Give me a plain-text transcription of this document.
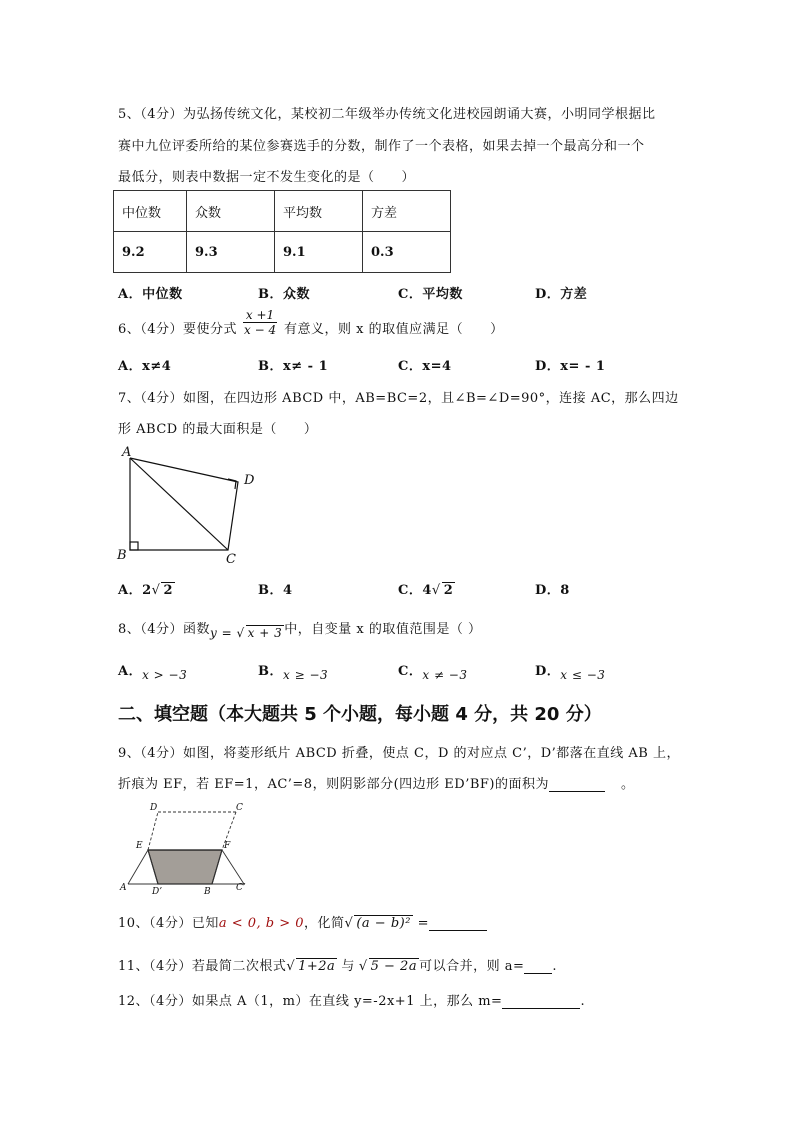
5、（4分）为弘扬传统文化，某校初二年级举办传统文化进校园朗诵大赛，小明同学根据比
赛中九位评委所给的某位参赛选手的分数，制作了一个表格，如果去掉一个最高分和一个
最低分，则表中数据一定不发生变化的是（　　）
中位数	众数	平均数	方差
9.2	9.3	9.1	0.3
A．中位数	B．众数	C．平均数	D．方差
6、（4分）要使分式 $\frac{x +1}{x - 4}$ 有意义，则 x 的取值应满足（　　）
A．x≠4	B．x≠ - 1	C．x=4	D．x= - 1
7、（4分）如图，在四边形 ABCD 中，AB=BC=2，且∠B=∠D=90°，连接 AC，那么四边
形 ABCD 的最大面积是（　　）
A
B	C
D
A．2√ 2	B．4	C．4√ 2	D．8
8、（4分）函数y = √ x + 3 中，自变量 x 的取值范围是（ ）
A．x > −3	B．x ≥ −3	C．x ≠ −3	D．x ≤ −3
二、填空题（本大题共 5 个小题，每小题 4 分，共 20 分）
9、（4分）如图，将菱形纸片 ABCD 折叠，使点 C，D 的对应点 C’，D’都落在直线 AB 上，
折痕为 EF，若 EF=1，AC’=8，则阴影部分(四边形 ED’BF)的面积为	。
D	C
E	F
A	D’	B	C’
10、（4分）已知a < 0, b > 0，化简√ (a − b)² =
11、（4分）若最简二次根式√ 1+2a 与 √ 5 − 2a 可以合并，则 a= .
12、（4分）如果点 A（1，m）在直线 y=-2x+1 上，那么 m=	.
